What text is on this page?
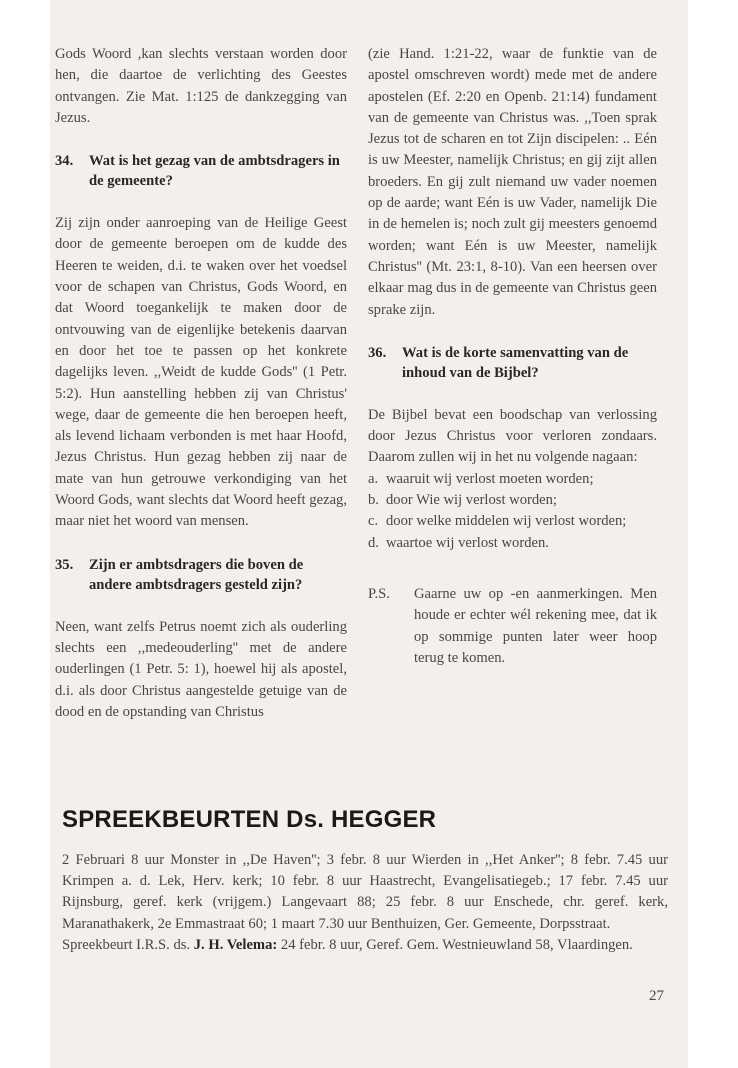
Gods Woord ,kan slechts verstaan worden door hen, die daartoe de verlichting des Geestes ontvangen. Zie Mat. 1:125 de dankzegging van Jezus.

34.	Wat is het gezag van de ambtsdragers in de gemeente?

Zij zijn onder aanroeping van de Heilige Geest door de gemeente beroepen om de kudde des Heeren te weiden, d.i. te waken over het voedsel voor de schapen van Christus, Gods Woord, en dat Woord toegankelijk te maken door de ontvouwing van de eigenlijke betekenis daarvan en door het toe te passen op het konkrete dagelijks leven. ,,Weidt de kudde Gods'' (1 Petr. 5:2). Hun aanstelling hebben zij van Christus' wege, daar de gemeente die hen beroepen heeft, als levend lichaam verbonden is met haar Hoofd, Jezus Christus. Hun gezag hebben zij naar de mate van hun getrouwe verkondiging van het Woord Gods, want slechts dat Woord heeft gezag, maar niet het woord van mensen.

35.	Zijn er ambtsdragers die boven de andere ambtsdragers gesteld zijn?

Neen, want zelfs Petrus noemt zich als ouderling slechts een ,,medeouderling'' met de andere ouderlingen (1 Petr. 5: 1), hoewel hij als apostel, d.i. als door Christus aangestelde getuige van de dood en de opstanding van Christus

(zie Hand. 1:21-22, waar de funktie van de apostel omschreven wordt) mede met de andere apostelen (Ef. 2:20 en Openb. 21:14) fundament van de gemeente van Christus was. ,,Toen sprak Jezus tot de scharen en tot Zijn discipelen: .. Eén is uw Meester, namelijk Christus; en gij zijt allen broeders. En gij zult niemand uw vader noemen op de aarde; want Eén is uw Vader, namelijk Die in de hemelen is; noch zult gij meesters genoemd worden; want Eén is uw Meester, namelijk Christus'' (Mt. 23:1, 8-10). Van een heersen over elkaar mag dus in de gemeente van Christus geen sprake zijn.

36.	Wat is de korte samenvatting van de inhoud van de Bijbel?

De Bijbel bevat een boodschap van verlossing door Jezus Christus voor verloren zondaars. Daarom zullen wij in het nu volgende nagaan:

a. waaruit wij verlost moeten worden;
b. door Wie wij verlost worden;
c. door welke middelen wij verlost worden;
d. waartoe wij verlost worden.
P.S.	Gaarne uw op -en aanmerkingen. Men houde er echter wél rekening mee, dat ik op sommige punten later weer hoop terug te komen.
SPREEKBEURTEN Ds. HEGGER

2 Februari 8 uur Monster in ,,De Haven''; 3 febr. 8 uur Wierden in ,,Het Anker''; 8 febr. 7.45 uur Krimpen a. d. Lek, Herv. kerk; 10 febr. 8 uur Haastrecht, Evangelisatiegeb.; 17 febr. 7.45 uur Rijnsburg, geref. kerk (vrijgem.) Langevaart 88; 25 febr. 8 uur Enschede, chr. geref. kerk, Maranathakerk, 2e Emmastraat 60; 1 maart 7.30 uur Benthuizen, Ger. Gemeente, Dorpsstraat.

Spreekbeurt I.R.S. ds. J. H. Velema: 24 febr. 8 uur, Geref. Gem. Westnieuwland 58, Vlaardingen.

27
